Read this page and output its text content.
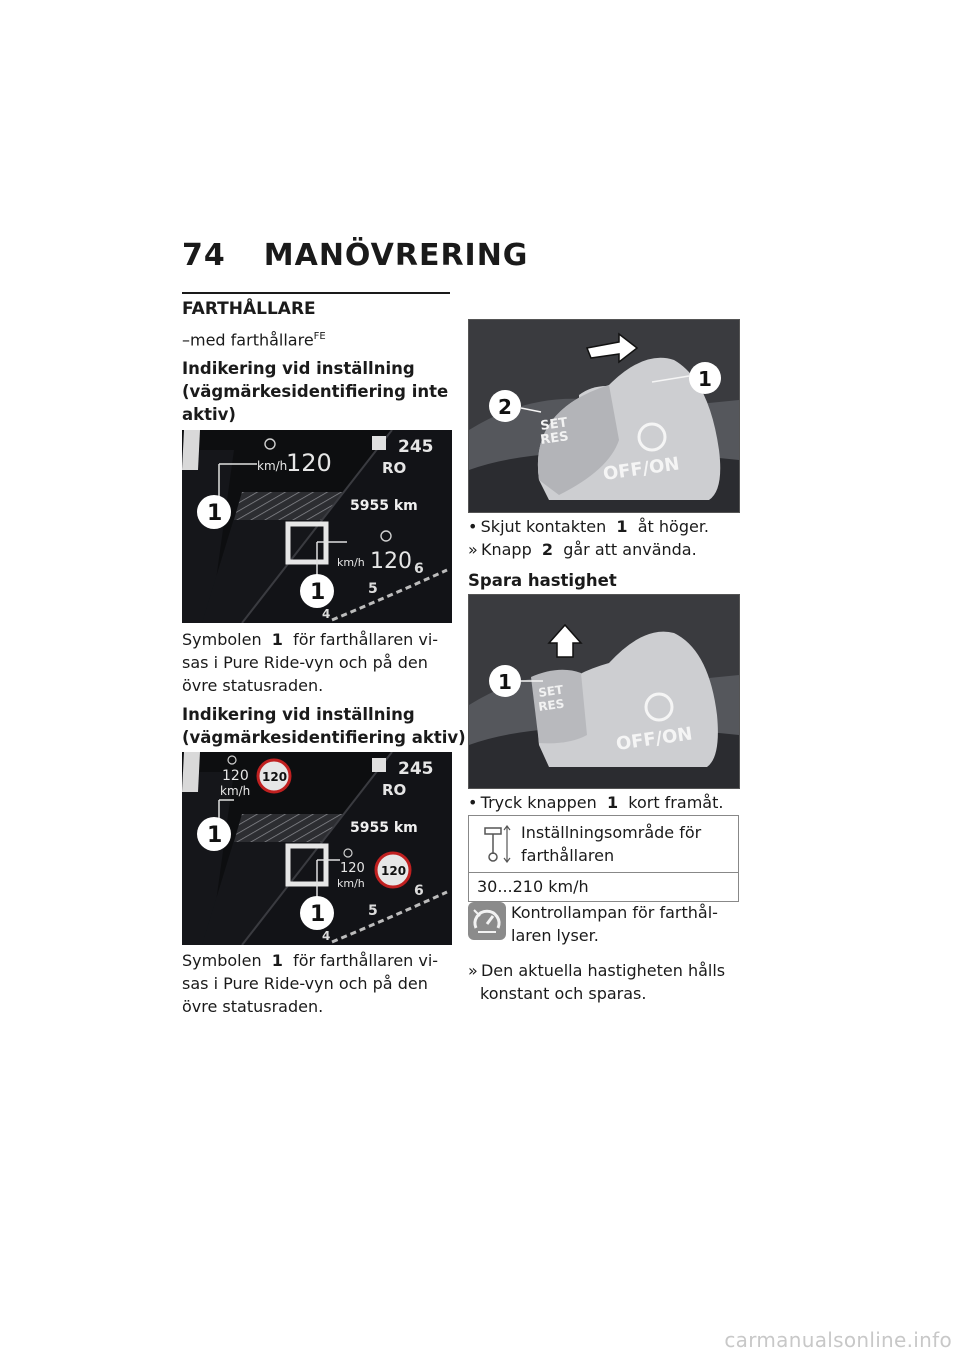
74 MANÖVRERING
FARTHÅLLARE
–med farthållare$^{FE}$
Indikering vid inställning
(vägmärkesidentifiering inte
aktiv)
km/h
120
245
RO
5955 km
km/h 120 6
5
4
1
1
Symbolen 1 för farthållaren vi-
sas i Pure Ride-vyn och på den
övre statusraden.
Indikering vid inställning
(vägmärkesidentifiering aktiv)
120
km/h
120	245
RO
5955 km
120
km/h
120
6
5
4
1
1
Symbolen 1 för farthållaren vi-
sas i Pure Ride-vyn och på den
övre statusraden.
SET
RES
OFF/ON
1
2
• Skjut kontakten 1 åt höger.
» Knapp 2 går att använda.
Spara hastighet
SET
RES
OFF/ON
1
• Tryck knappen 1 kort framåt.
Inställningsområde för
farthållaren
30...210 km/h
Kontrollampan för farthål-
laren lyser.
» Den aktuella hastigheten hålls
konstant och sparas.
carmanualsonline.info
